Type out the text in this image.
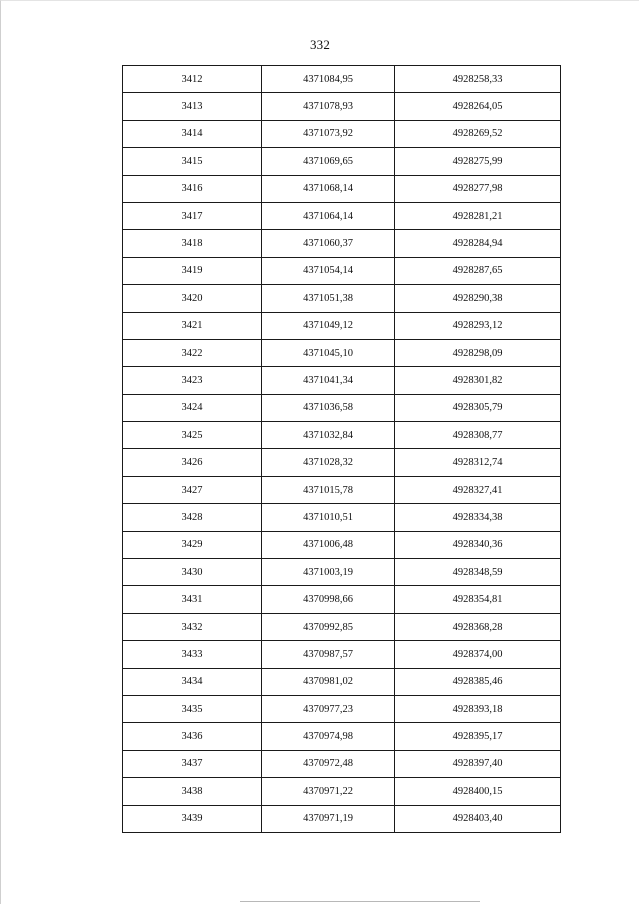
332
3412	4371084,95	4928258,33
3413	4371078,93	4928264,05
3414	4371073,92	4928269,52
3415	4371069,65	4928275,99
3416	4371068,14	4928277,98
3417	4371064,14	4928281,21
3418	4371060,37	4928284,94
3419	4371054,14	4928287,65
3420	4371051,38	4928290,38
3421	4371049,12	4928293,12
3422	4371045,10	4928298,09
3423	4371041,34	4928301,82
3424	4371036,58	4928305,79
3425	4371032,84	4928308,77
3426	4371028,32	4928312,74
3427	4371015,78	4928327,41
3428	4371010,51	4928334,38
3429	4371006,48	4928340,36
3430	4371003,19	4928348,59
3431	4370998,66	4928354,81
3432	4370992,85	4928368,28
3433	4370987,57	4928374,00
3434	4370981,02	4928385,46
3435	4370977,23	4928393,18
3436	4370974,98	4928395,17
3437	4370972,48	4928397,40
3438	4370971,22	4928400,15
3439	4370971,19	4928403,40
